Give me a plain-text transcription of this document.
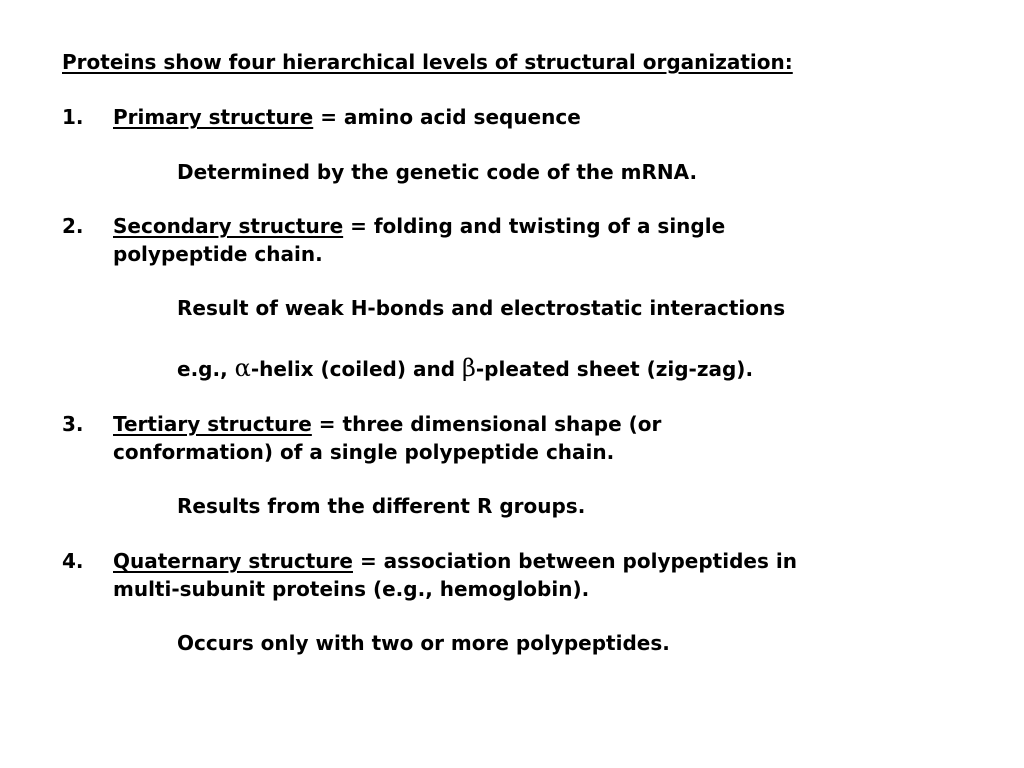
Proteins show four hierarchical levels of structural organization:

1. Primary structure = amino acid sequence

Determined by the genetic code of the mRNA.

2. Secondary structure = folding and twisting of a single

polypeptide chain.

Result of weak H-bonds and electrostatic interactions

e.g., α-helix (coiled) and β-pleated sheet (zig-zag).

3. Tertiary structure = three dimensional shape (or

conformation) of a single polypeptide chain.

Results from the different R groups.

4. Quaternary structure = association between polypeptides in

multi-subunit proteins (e.g., hemoglobin).

Occurs only with two or more polypeptides.
